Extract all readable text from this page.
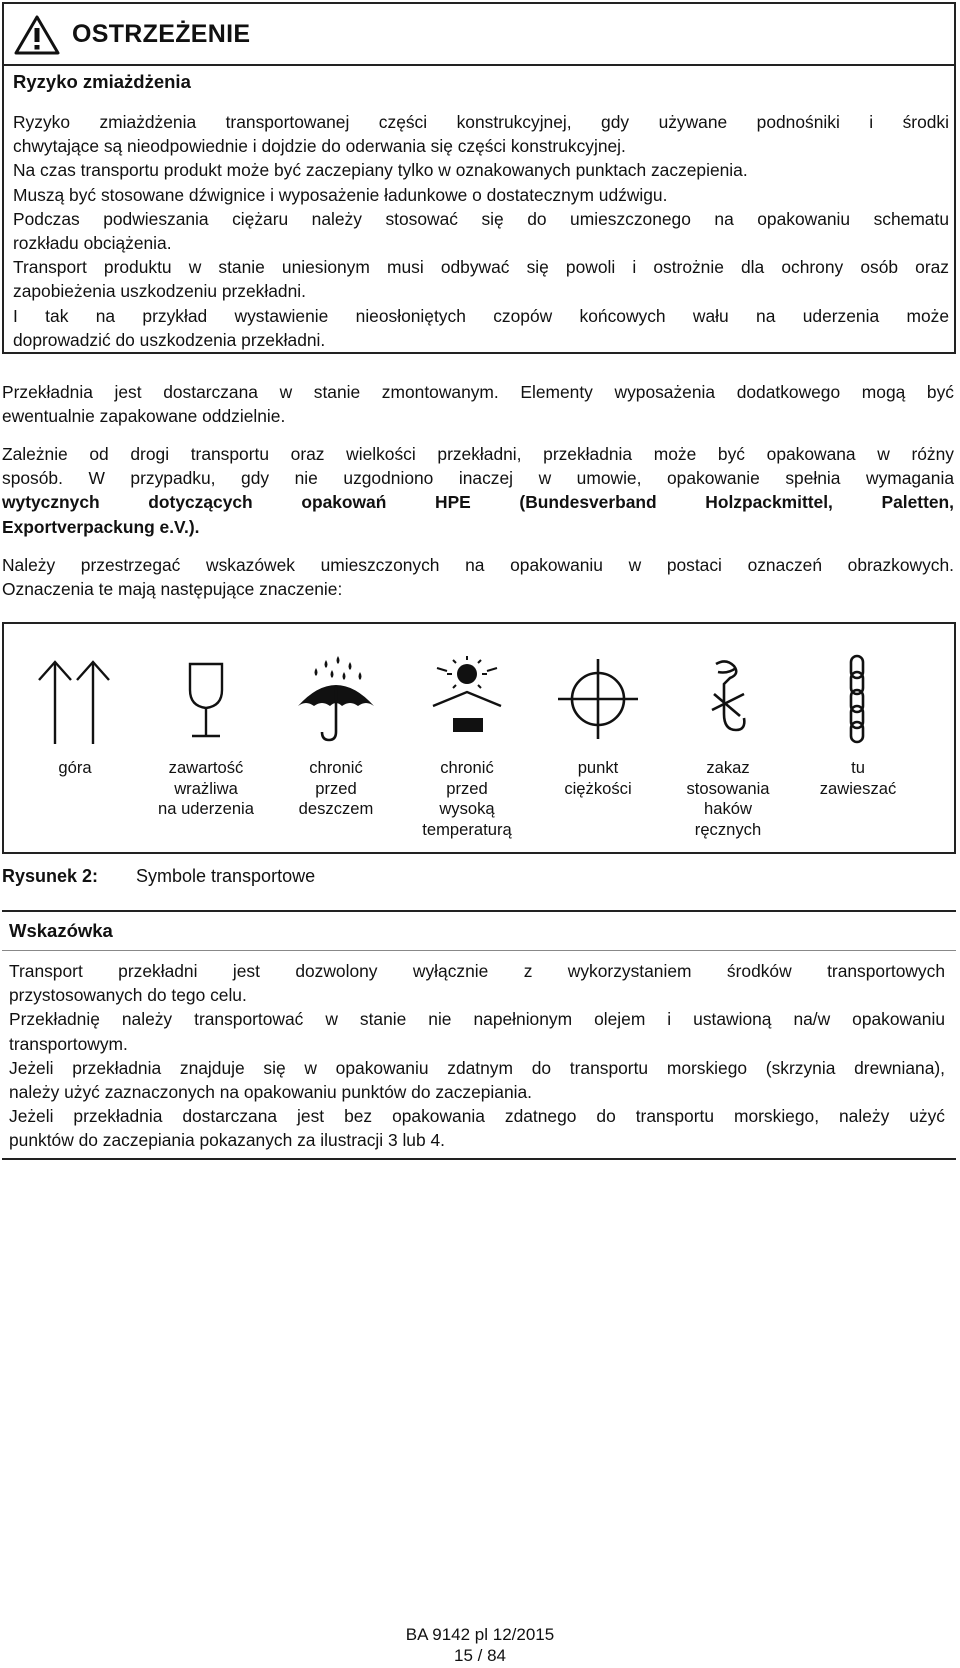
OSTRZEŻENIE
Ryzyko zmiażdżenia

Ryzyko zmiażdżenia transportowanej części konstrukcyjnej, gdy używane podnośniki i środki
chwytające są nieodpowiednie i dojdzie do oderwania się części konstrukcyjnej.

Na czas transportu produkt może być zaczepiany tylko w oznakowanych punktach zaczepienia.

Muszą być stosowane dźwignice i wyposażenie ładunkowe o dostatecznym udźwigu.

Podczas podwieszania ciężaru należy stosować się do umieszczonego na opakowaniu schematu
rozkładu obciążenia.

Transport produktu w stanie uniesionym musi odbywać się powoli i ostrożnie dla ochrony osób oraz
zapobieżenia uszkodzeniu przekładni.

I tak na przykład wystawienie nieosłoniętych czopów końcowych wału na uderzenia może
doprowadzić do uszkodzenia przekładni.

Przekładnia jest dostarczana w stanie zmontowanym. Elementy wyposażenia dodatkowego mogą być
ewentualnie zapakowane oddzielnie.
Zależnie od drogi transportu oraz wielkości przekładni, przekładnia może być opakowana w różny
sposób. W przypadku, gdy nie uzgodniono inaczej w umowie, opakowanie spełnia wymagania
wytycznych dotyczących opakowań HPE (Bundesverband Holzpackmittel, Paletten,
Exportverpackung e.V.).
Należy przestrzegać wskazówek umieszczonych na opakowaniu w postaci oznaczeń obrazkowych.
Oznaczenia te mają następujące znaczenie:
góra	zawartość
wrażliwa
na uderzenia
chronić
przed
deszczem
chronić
przed
wysoką
temperaturą
punkt
ciężkości
zakaz
stosowania
haków
ręcznych
tu
zawieszać
Rysunek 2: Symbole transportowe
Wskazówka

Transport przekładni jest dozwolony wyłącznie z wykorzystaniem środków transportowych
przystosowanych do tego celu.

Przekładnię należy transportować w stanie nie napełnionym olejem i ustawioną na/w opakowaniu
transportowym.

Jeżeli przekładnia znajduje się w opakowaniu zdatnym do transportu morskiego (skrzynia drewniana),
należy użyć zaznaczonych na opakowaniu punktów do zaczepiania.

Jeżeli przekładnia dostarczana jest bez opakowania zdatnego do transportu morskiego, należy użyć
punktów do zaczepiania pokazanych za ilustracji 3 lub 4.

BA 9142 pl 12/2015
15 / 84
